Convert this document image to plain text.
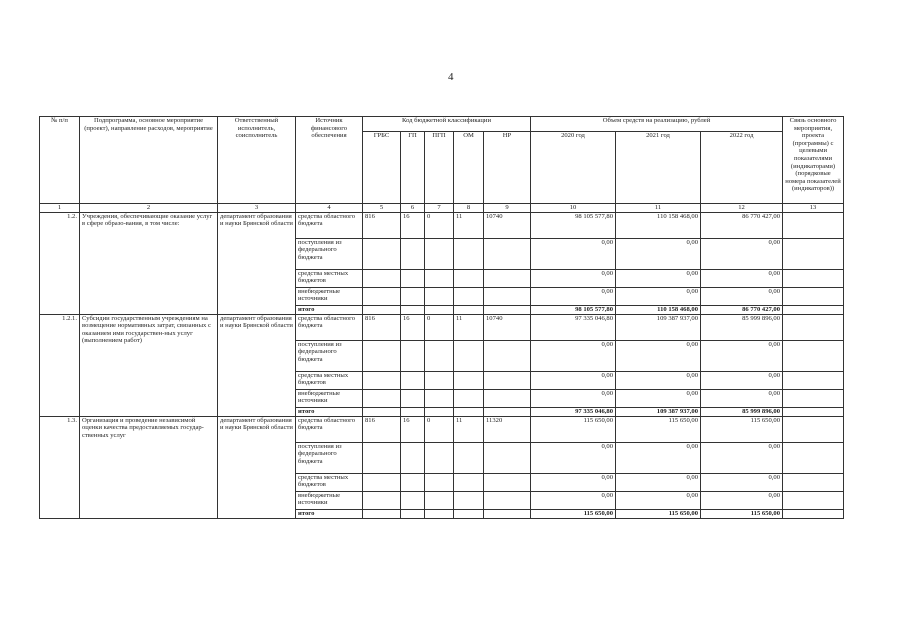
4
№ п/п	Подпрограмма, основное мероприятие (проект), направление расходов, мероприятие	Ответственный исполнитель, соисполнитель	Источник финансового обеспечения	Код бюджетной классификации					Объем средств на реализацию, рублей			Связь основного мероприятия, проекта (программы) с целевыми показателями (индикаторами) (порядковые номера показателей (индикаторов))
				ГРБС	ГП	ПГП	ОМ	НР	2020 год	2021 год	2022 год	
1	2	3	4	5	6	7	8	9	10	11	12	13
1.2.	Учреждения, обеспечивающие оказание услуг в сфере образо-вания, в том числе:	департамент образования и науки Брянской области	средства областного бюджета	816	16	0	11	10740	98 105 577,80	110 158 468,00	86 770 427,00	
			поступления из федерального бюджета						0,00	0,00	0,00	
			средства местных бюджетов						0,00	0,00	0,00	
			внебюджетные источники						0,00	0,00	0,00	
			итого						98 105 577,80	110 158 468,00	86 770 427,00	
1.2.1.	Субсидии государственным учреждениям на возмещение нормативных затрат, связанных с оказанием ими государствен-ных услуг (выполнением работ)	департамент образования и науки Брянской области	средства областного бюджета	816	16	0	11	10740	97 335 046,80	109 387 937,00	85 999 896,00	
			поступления из федерального бюджета						0,00	0,00	0,00	
			средства местных бюджетов						0,00	0,00	0,00	
			внебюджетные источники						0,00	0,00	0,00	
			итого						97 335 046,80	109 387 937,00	85 999 896,00	
1.3.	Организация и проведение независимой оценки качества предоставляемых государ-ственных услуг	департамент образования и науки Брянской области	средства областного бюджета	816	16	0	11	11320	115 650,00	115 650,00	115 650,00	
			поступления из федерального бюджета						0,00	0,00	0,00	
			средства местных бюджетов						0,00	0,00	0,00	
			внебюджетные источники						0,00	0,00	0,00	
			итого						115 650,00	115 650,00	115 650,00	
